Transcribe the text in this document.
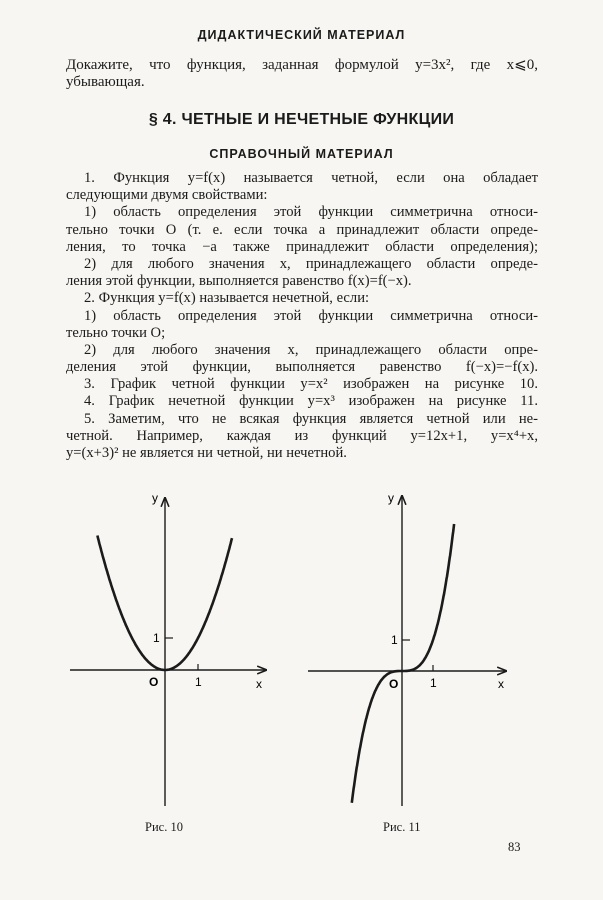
ДИДАКТИЧЕСКИЙ МАТЕРИАЛ
Докажите, что функция, заданная формулой y=3x², где x⩽0,
убывающая.
§ 4. ЧЕТНЫЕ И НЕЧЕТНЫЕ ФУНКЦИИ
СПРАВОЧНЫЙ МАТЕРИАЛ
1. Функция y=f(x) называется четной, если она обладает
следующими двумя свойствами:
1) область определения этой функции симметрична относи-
тельно точки O (т. е. если точка a принадлежит области опреде-
ления, то точка −a также принадлежит области определения);
2) для любого значения x, принадлежащего области опреде-
ления этой функции, выполняется равенство f(x)=f(−x).
2. Функция y=f(x) называется нечетной, если:
1) область определения этой функции симметрична относи-
тельно точки O;
2) для любого значения x, принадлежащего области опре-
деления этой функции, выполняется равенство f(−x)=−f(x).
3. График четной функции y=x² изображен на рисунке 10.
4. График нечетной функции y=x³ изображен на рисунке 11.
5. Заметим, что не всякая функция является четной или не-
четной. Например, каждая из функций y=12x+1, y=x⁴+x,
y=(x+3)² не является ни четной, ни нечетной.
y
x
O	1
1
y
x
O	1
1
Рис. 10	Рис. 11
83
